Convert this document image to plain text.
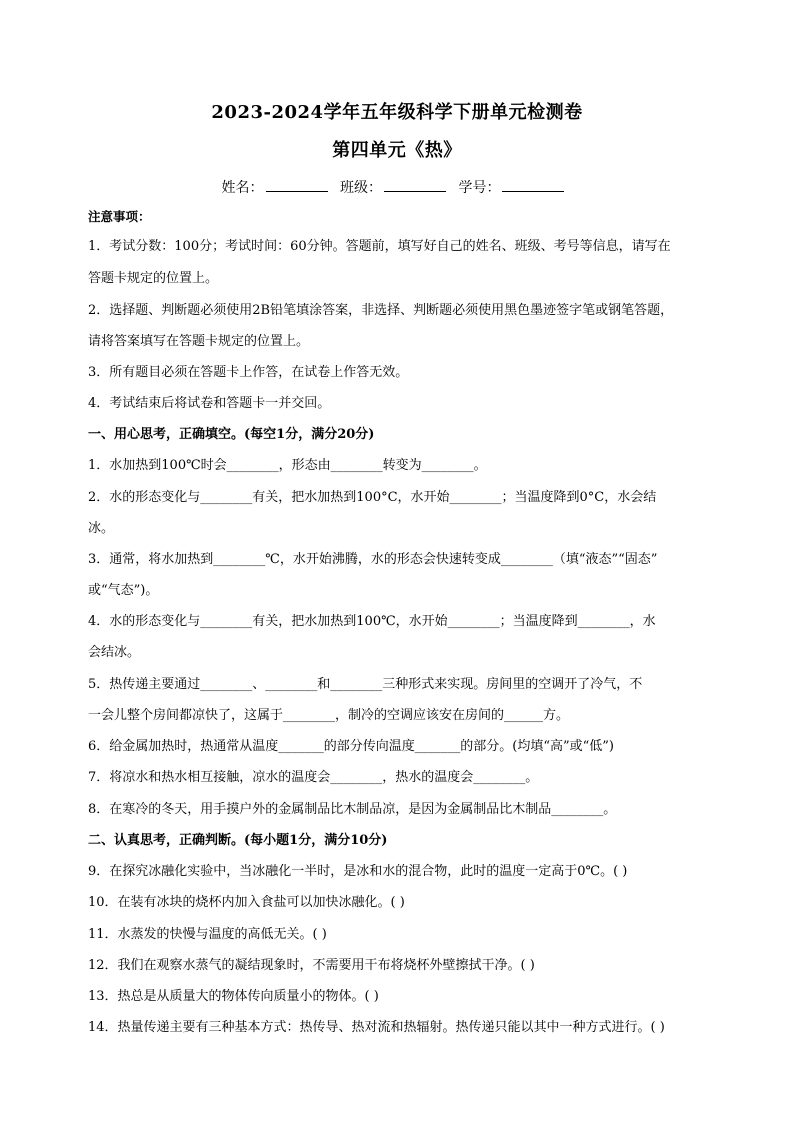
2023-2024学年五年级科学下册单元检测卷
第四单元《热》
姓名：	班级：	学号：
注意事项：
1．考试分数：100分；考试时间：60分钟。答题前，填写好自己的姓名、班级、考号等信息，请写在
答题卡规定的位置上。
2．选择题、判断题必须使用2B铅笔填涂答案，非选择、判断题必须使用黑色墨迹签字笔或钢笔答题，
请将答案填写在答题卡规定的位置上。
3．所有题目必须在答题卡上作答，在试卷上作答无效。
4．考试结束后将试卷和答题卡一并交回。
一、用心思考，正确填空。(每空1分，满分20分)
1．水加热到100℃时会________，形态由________转变为________。
2．水的形态变化与________有关，把水加热到100°C，水开始________；当温度降到0°C，水会结
冰。
3．通常，将水加热到________℃，水开始沸腾，水的形态会快速转变成________（填“液态”“固态”
或“气态”)。
4．水的形态变化与________有关，把水加热到100℃，水开始________；当温度降到________，水
会结冰。
5．热传递主要通过________、________和________三种形式来实现。房间里的空调开了冷气，不
一会儿整个房间都凉快了，这属于________，制冷的空调应该安在房间的______方。
6．给金属加热时，热通常从温度_______的部分传向温度_______的部分。(均填“高”或“低”)
7．将凉水和热水相互接触，凉水的温度会________，热水的温度会________。
8．在寒冷的冬天，用手摸户外的金属制品比木制品凉，是因为金属制品比木制品________。
二、认真思考，正确判断。(每小题1分，满分10分)
9．在探究冰融化实验中，当冰融化一半时，是冰和水的混合物，此时的温度一定高于0℃。( )
10．在装有冰块的烧杯内加入食盐可以加快冰融化。( )
11．水蒸发的快慢与温度的高低无关。( )
12．我们在观察水蒸气的凝结现象时，不需要用干布将烧杯外壁擦拭干净。( )
13．热总是从质量大的物体传向质量小的物体。( )
14．热量传递主要有三种基本方式：热传导、热对流和热辐射。热传递只能以其中一种方式进行。( )
